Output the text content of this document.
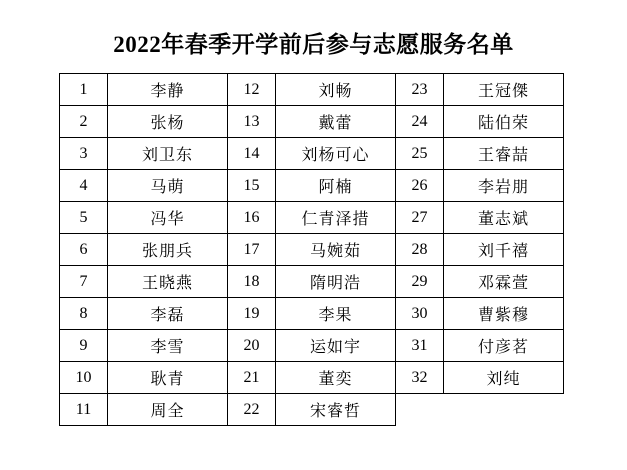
2022年春季开学前后参与志愿服务名单
1	李静	12	刘畅	23	王冠傑
2	张杨	13	戴蕾	24	陆伯荣
3	刘卫东	14	刘杨可心	25	王睿喆
4	马萌	15	阿楠	26	李岩朋
5	冯华	16	仁青泽措	27	董志斌
6	张朋兵	17	马婉茹	28	刘千禧
7	王晓燕	18	隋明浩	29	邓霖萱
8	李磊	19	李果	30	曹紫穆
9	李雪	20	运如宇	31	付彦茗
10	耿青	21	董奕	32	刘纯
11	周全	22	宋睿哲		
